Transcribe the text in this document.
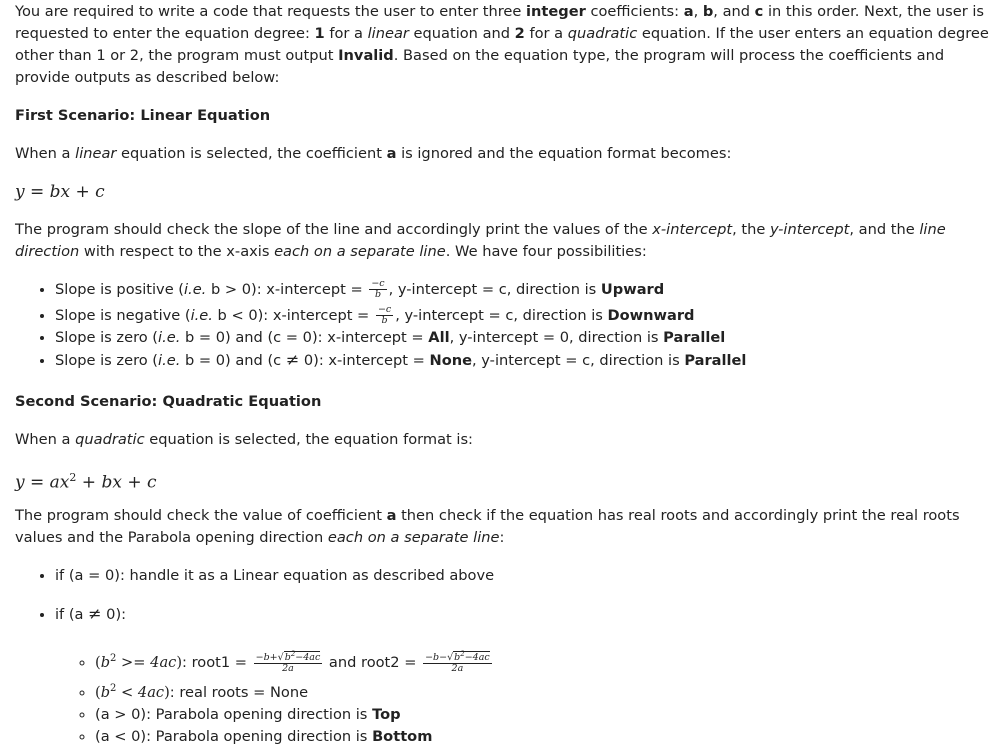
You are required to write a code that requests the user to enter three integer coefficients: a, b, and c in this order. Next, the user is requested to enter the equation degree: 1 for a linear equation and 2 for a quadratic equation. If the user enters an equation degree other than 1 or 2, the program must output Invalid. Based on the equation type, the program will process the coefficients and provide outputs as described below:

First Scenario: Linear Equation

When a linear equation is selected, the coefficient a is ignored and the equation format becomes:

y = bx + c

The program should check the slope of the line and accordingly print the values of the x-intercept, the y-intercept, and the line direction with respect to the x-axis each on a separate line. We have four possibilities:

• Slope is positive (i.e. b > 0): x-intercept = $\frac{-c}{b}$ , y-intercept = c, direction is Upward
• Slope is negative (i.e. b < 0): x-intercept = $\frac{-c}{b}$ , y-intercept = c, direction is Downward
• Slope is zero (i.e. b = 0) and (c = 0): x-intercept = All, y-intercept = 0, direction is Parallel
• Slope is zero (i.e. b = 0) and (c ≠ 0): x-intercept = None, y-intercept = c, direction is Parallel

Second Scenario: Quadratic Equation

When a quadratic equation is selected, the equation format is:

$y = ax^2$ + bx + c

The program should check the value of coefficient a then check if the equation has real roots and accordingly print the real roots values and the Parabola opening direction each on a separate line:

• if (a = 0): handle it as a Linear equation as described above
• if (a ≠ 0):
◦ $(b^2 >= 4ac)$: root1 = $\frac{-b+√b^2-4ac}{2a}$ and root2 = $\frac{-b-√b^2-4ac}{2a}$
◦ $(b^2 < 4ac)$: real roots = None
◦ (a > 0): Parabola opening direction is Top
◦ (a < 0): Parabola opening direction is Bottom
